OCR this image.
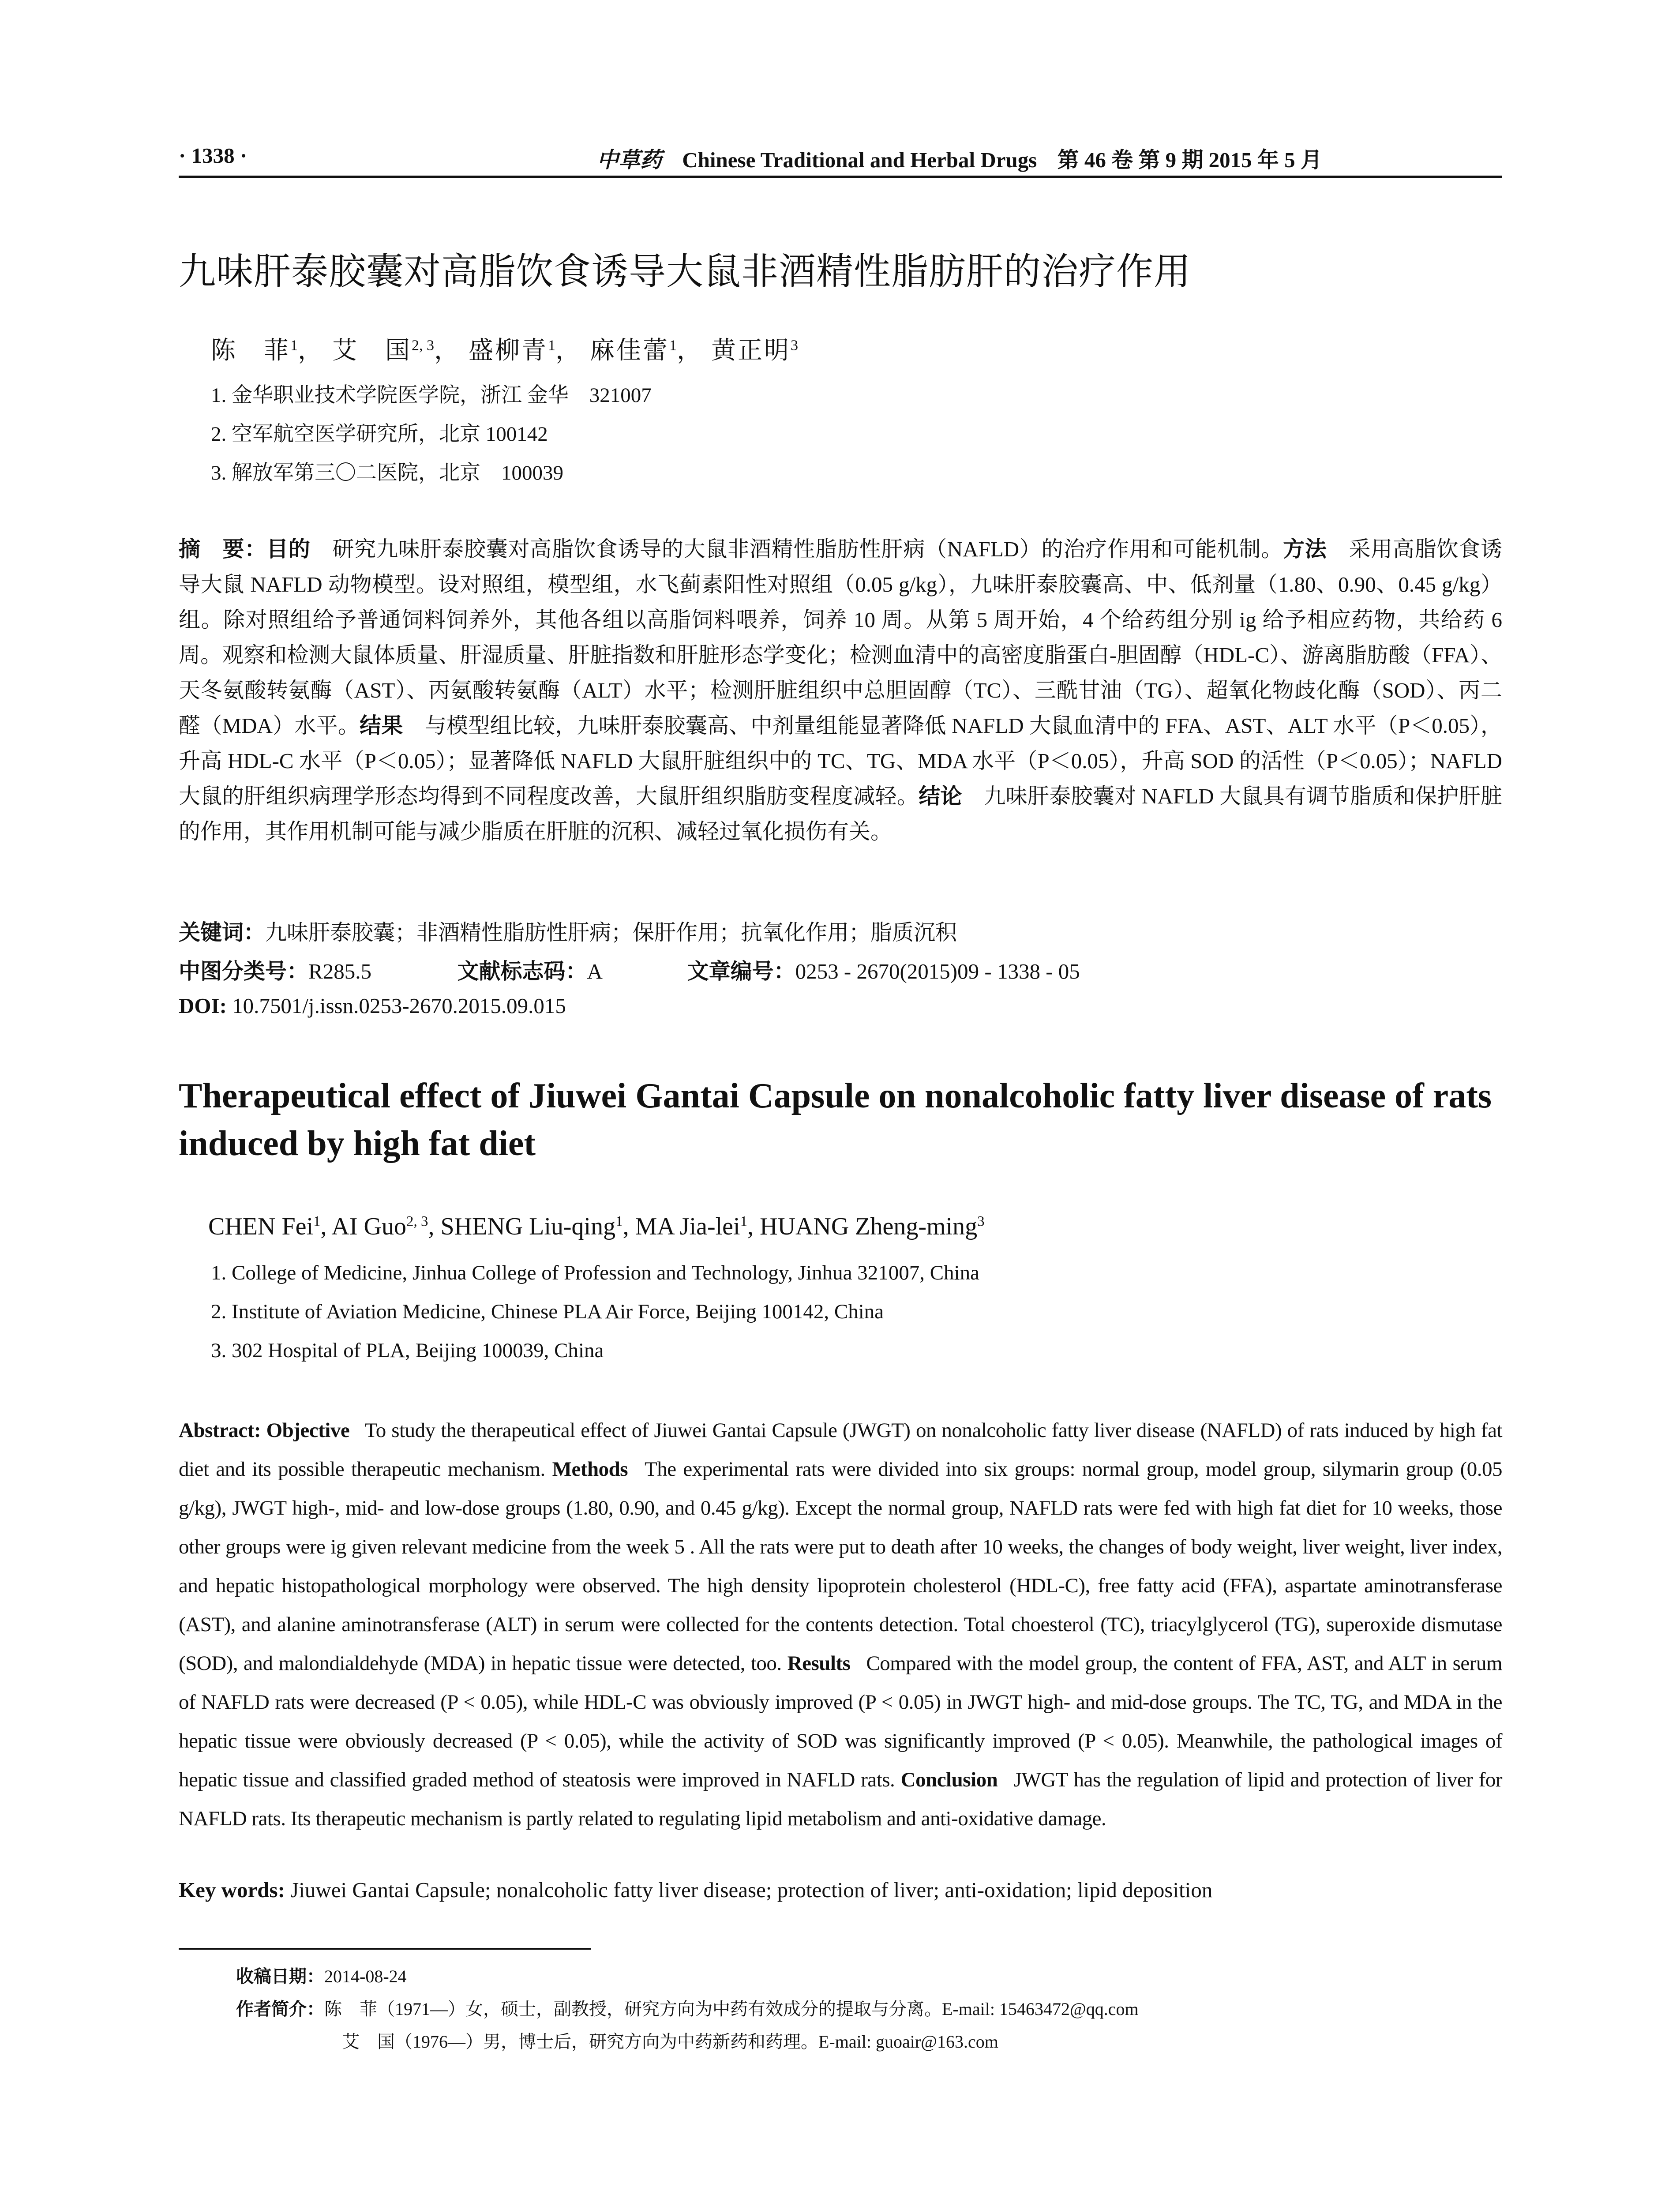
· 1338 ·	中草药 Chinese Traditional and Herbal Drugs 第 46 卷 第 9 期 2015 年 5 月
九味肝泰胶囊对高脂饮食诱导大鼠非酒精性脂肪肝的治疗作用
陈　菲$^1$， 艾　国$^{2, 3}$， 盛柳青$^1$， 麻佳蕾$^1$， 黄正明$^3$
1. 金华职业技术学院医学院，浙江 金华　321007
2. 空军航空医学研究所，北京 100142
3. 解放军第三〇二医院，北京　100039
摘　要：目的  研究九味肝泰胶囊对高脂饮食诱导的大鼠非酒精性脂肪性肝病（NAFLD）的治疗作用和可能机制。方法  采用高脂饮食诱导大鼠 NAFLD 动物模型。设对照组，模型组，水飞蓟素阳性对照组（0.05 g/kg），九味肝泰胶囊高、中、低剂量（1.80、0.90、0.45 g/kg）组。除对照组给予普通饲料饲养外，其他各组以高脂饲料喂养，饲养 10 周。从第 5 周开始，4 个给药组分别 ig 给予相应药物，共给药 6 周。观察和检测大鼠体质量、肝湿质量、肝脏指数和肝脏形态学变化；检测血清中的高密度脂蛋白-胆固醇（HDL-C）、游离脂肪酸（FFA）、天冬氨酸转氨酶（AST）、丙氨酸转氨酶（ALT）水平；检测肝脏组织中总胆固醇（TC）、三酰甘油（TG）、超氧化物歧化酶（SOD）、丙二醛（MDA）水平。结果  与模型组比较，九味肝泰胶囊高、中剂量组能显著降低 NAFLD 大鼠血清中的 FFA、AST、ALT 水平（P＜0.05），升高 HDL-C 水平（P＜0.05）；显著降低 NAFLD 大鼠肝脏组织中的 TC、TG、MDA 水平（P＜0.05），升高 SOD 的活性（P＜0.05）；NAFLD 大鼠的肝组织病理学形态均得到不同程度改善，大鼠肝组织脂肪变程度减轻。结论  九味肝泰胶囊对 NAFLD 大鼠具有调节脂质和保护肝脏的作用，其作用机制可能与减少脂质在肝脏的沉积、减轻过氧化损伤有关。
关键词：九味肝泰胶囊；非酒精性脂肪性肝病；保肝作用；抗氧化作用；脂质沉积
中图分类号：R285.5	文献标志码：A	文章编号：0253 - 2670(2015)09 - 1338 - 05
DOI: 10.7501/j.issn.0253-2670.2015.09.015
Therapeutical effect of Jiuwei Gantai Capsule on nonalcoholic fatty liver disease of rats induced by high fat diet
CHEN Fei$^1$, AI Guo$^{2, 3}$, SHENG Liu-qing$^1$, MA Jia-lei$^1$, HUANG Zheng-ming$^3$
1. College of Medicine, Jinhua College of Profession and Technology, Jinhua 321007, China
2. Institute of Aviation Medicine, Chinese PLA Air Force, Beijing 100142, China
3. 302 Hospital of PLA, Beijing 100039, China
Abstract: Objective  To study the therapeutical effect of Jiuwei Gantai Capsule (JWGT) on nonalcoholic fatty liver disease (NAFLD) of rats induced by high fat diet and its possible therapeutic mechanism. Methods  The experimental rats were divided into six groups: normal group, model group, silymarin group (0.05 g/kg), JWGT high-, mid- and low-dose groups (1.80, 0.90, and 0.45 g/kg). Except the normal group, NAFLD rats were fed with high fat diet for 10 weeks, those other groups were ig given relevant medicine from the week 5 . All the rats were put to death after 10 weeks, the changes of body weight, liver weight, liver index, and hepatic histopathological morphology were observed. The high density lipoprotein cholesterol (HDL-C), free fatty acid (FFA), aspartate aminotransferase (AST), and alanine aminotransferase (ALT) in serum were collected for the contents detection. Total choesterol (TC), triacylglycerol (TG), superoxide dismutase (SOD), and malondialdehyde (MDA) in hepatic tissue were detected, too. Results  Compared with the model group, the content of FFA, AST, and ALT in serum of NAFLD rats were decreased (P < 0.05), while HDL-C was obviously improved (P < 0.05) in JWGT high- and mid-dose groups. The TC, TG, and MDA in the hepatic tissue were obviously decreased (P < 0.05), while the activity of SOD was significantly improved (P < 0.05). Meanwhile, the pathological images of hepatic tissue and classified graded method of steatosis were improved in NAFLD rats. Conclusion  JWGT has the regulation of lipid and protection of liver for NAFLD rats. Its therapeutic mechanism is partly related to regulating lipid metabolism and anti-oxidative damage.
Key words: Jiuwei Gantai Capsule; nonalcoholic fatty liver disease; protection of liver; anti-oxidation; lipid deposition
收稿日期：2014-08-24
作者简介：陈　菲（1971—）女，硕士，副教授，研究方向为中药有效成分的提取与分离。E-mail: 15463472@qq.com
艾　国（1976—）男，博士后，研究方向为中药新药和药理。E-mail: guoair@163.com
